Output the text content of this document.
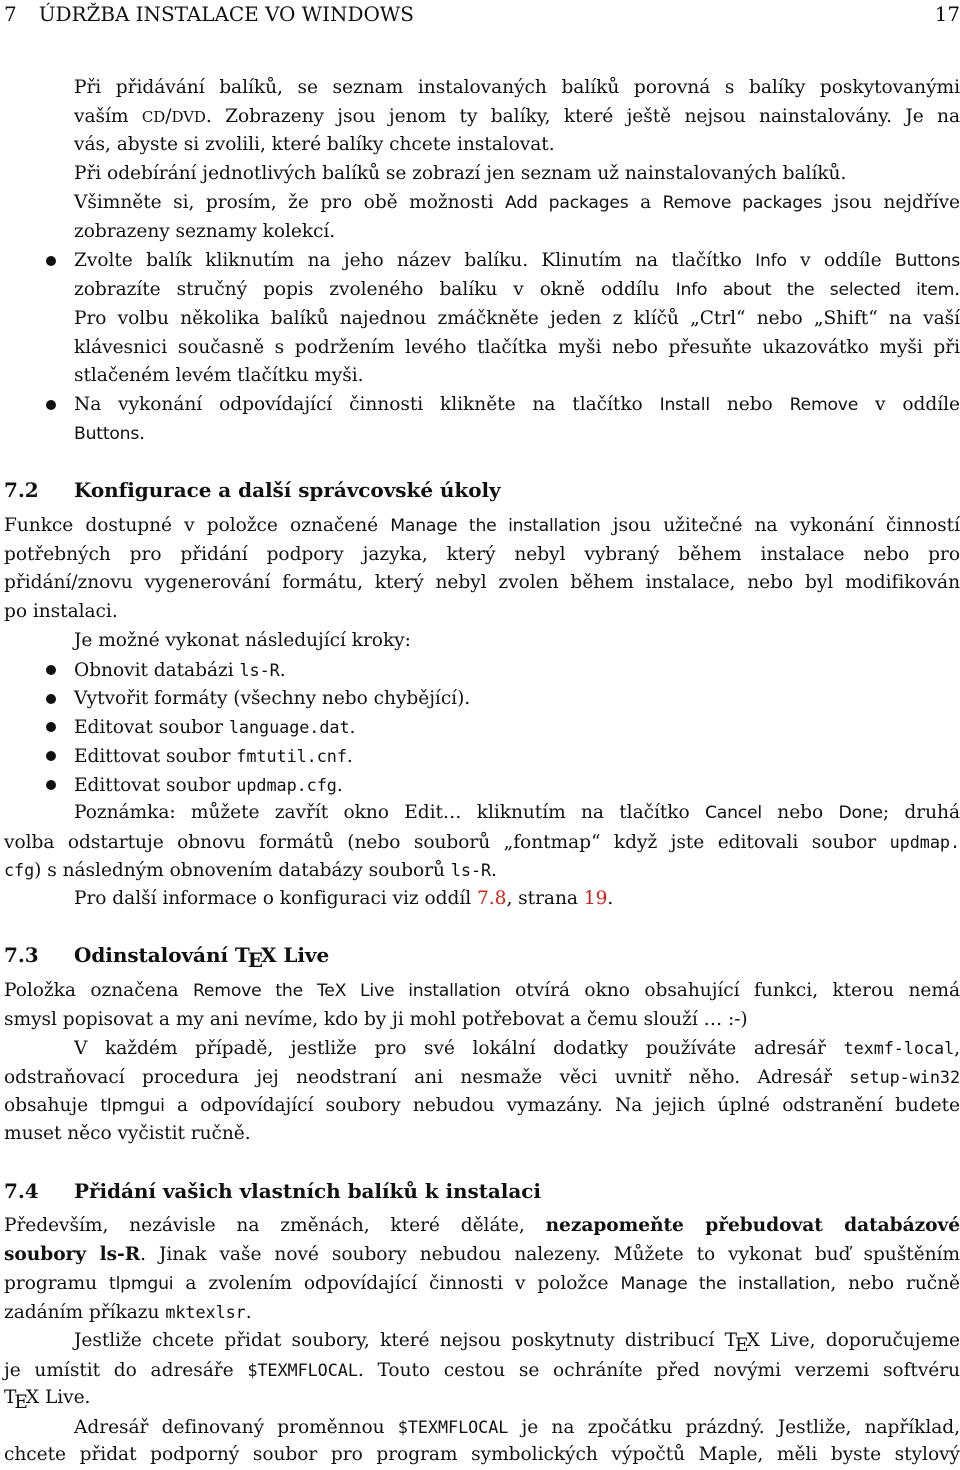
7 ÚDRŽBA INSTALACE VO WINDOWS	17
Při přidávání balíků, se seznam instalovaných balíků porovná s balíky poskytovanými
vaším CD/DVD. Zobrazeny jsou jenom ty balíky, které ještě nejsou nainstalovány. Je na
vás, abyste si zvolili, které balíky chcete instalovat.
Při odebírání jednotlivých balíků se zobrazí jen seznam už nainstalovaných balíků.
Všimněte si, prosím, že pro obě možnosti Add packages a Remove packages jsou nejdříve
zobrazeny seznamy kolekcí.
Zvolte balík kliknutím na jeho název balíku. Klinutím na tlačítko Info v oddíle Buttons
zobrazíte stručný popis zvoleného balíku v okně oddílu Info about the selected item.
Pro volbu několika balíků najednou zmáčkněte jeden z klíčů „Ctrl“ nebo „Shift“ na vaší
klávesnici současně s podržením levého tlačítka myši nebo přesuňte ukazovátko myši při
stlačeném levém tlačítku myši.
Na vykonání odpovídající činnosti klikněte na tlačítko Install nebo Remove v oddíle
Buttons.
7.2 Konfigurace a další správcovské úkoly
Funkce dostupné v položce označené Manage the installation jsou užitečné na vykonání činností
potřebných pro přidání podpory jazyka, který nebyl vybraný během instalace nebo pro
přidání/znovu vygenerování formátu, který nebyl zvolen během instalace, nebo byl modifikován
po instalaci.
Je možné vykonat následující kroky:
Obnovit databázi ls-R.
Vytvořit formáty (všechny nebo chybějící).
Editovat soubor language.dat.
Edittovat soubor fmtutil.cnf.
Edittovat soubor updmap.cfg.
Poznámka: můžete zavřít okno Edit… kliknutím na tlačítko Cancel nebo Done; druhá
volba odstartuje obnovu formátů (nebo souborů „fontmap“ když jste editovali soubor updmap.
cfg) s následným obnovením databázy souborů ls-R.
Pro další informace o konfiguraci viz oddíl 7.8, strana 19.
7.3 Odinstalování TEX Live
Položka označena Remove the TeX Live installation otvírá okno obsahující funkci, kterou nemá
smysl popisovat a my ani nevíme, kdo by ji mohl potřebovat a čemu slouží … :-)
V každém případě, jestliže pro své lokální dodatky používáte adresář texmf-local,
odstraňovací procedura jej neodstraní ani nesmaže věci uvnitř něho. Adresář setup-win32
obsahuje tlpmgui a odpovídající soubory nebudou vymazány. Na jejich úplné odstranění budete
muset něco vyčistit ručně.
7.4 Přidání vašich vlastních balíků k instalaci
Především, nezávisle na změnách, které děláte, nezapomeňte přebudovat databázové
soubory ls-R. Jinak vaše nové soubory nebudou nalezeny. Můžete to vykonat buď spuštěním
programu tlpmgui a zvolením odpovídající činnosti v položce Manage the installation, nebo ručně
zadáním příkazu mktexlsr.
Jestliže chcete přidat soubory, které nejsou poskytnuty distribucí TEX Live, doporučujeme
je umístit do adresáře $TEXMFLOCAL. Touto cestou se ochráníte před novými verzemi softvéru
TEX Live.
Adresář definovaný proměnnou $TEXMFLOCAL je na zpočátku prázdný. Jestliže, například,
chcete přidat podporný soubor pro program symbolických výpočtů Maple, měli byste stylový
